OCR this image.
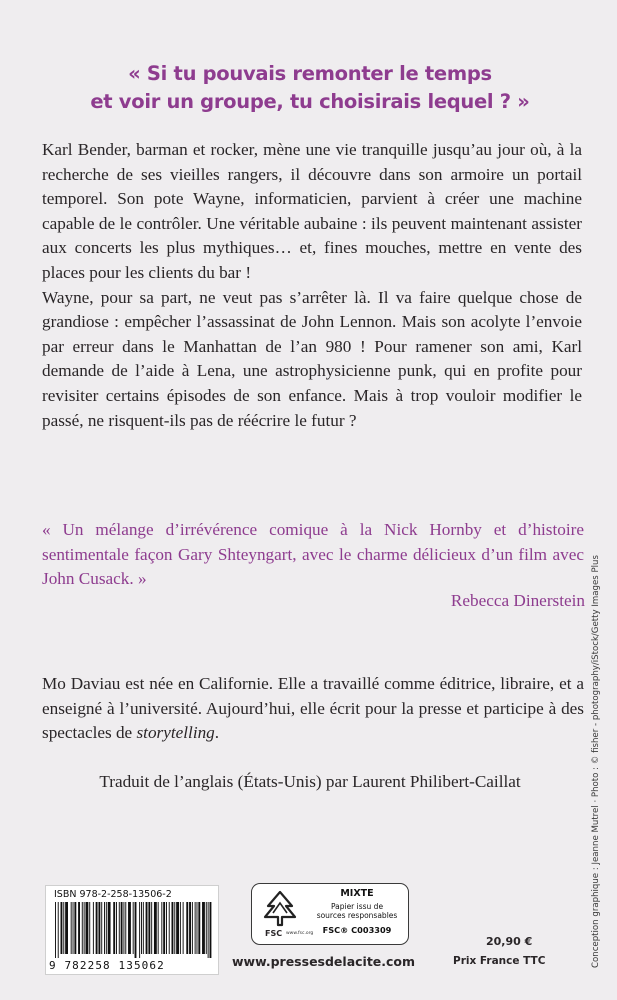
« Si tu pouvais remonter le temps
et voir un groupe, tu choisirais lequel ? »

Karl Bender, barman et rocker, mène une vie tranquille jusqu’au jour où, à la recherche de ses vieilles rangers, il découvre dans son armoire un portail temporel. Son pote Wayne, informaticien, parvient à créer une machine capable de le contrôler. Une véritable aubaine : ils peuvent maintenant assister aux concerts les plus mythiques… et, fines mouches, mettre en vente des places pour les clients du bar !

Wayne, pour sa part, ne veut pas s’arrêter là. Il va faire quelque chose de grandiose : empêcher l’assassinat de John Lennon. Mais son acolyte l’envoie par erreur dans le Manhattan de l’an 980 ! Pour ramener son ami, Karl demande de l’aide à Lena, une astrophysicienne punk, qui en profite pour revisiter certains épisodes de son enfance. Mais à trop vouloir modifier le passé, ne risquent-ils pas de réécrire le futur ?

« Un mélange d’irrévérence comique à la Nick Hornby et d’histoire sentimentale façon Gary Shteyngart, avec le charme délicieux d’un film avec John Cusack. »
Rebecca Dinerstein
Mo Daviau est née en Californie. Elle a travaillé comme éditrice, libraire, et a enseigné à l’université. Aujourd’hui, elle écrit pour la presse et participe à des spectacles de storytelling.
Traduit de l’anglais (États-Unis) par Laurent Philibert-Caillat	Conception graphique : Jeanne Mutrel · Photo : © fisher - photography/iStock/Getty Images Plus
ISBN 978-2-258-13506-2
9 782258 135062
FSC www.fsc.org
MIXTE
Papier issu de
sources responsables
FSC® C003309
www.pressesdelacite.com
20,90 €
Prix France TTC
